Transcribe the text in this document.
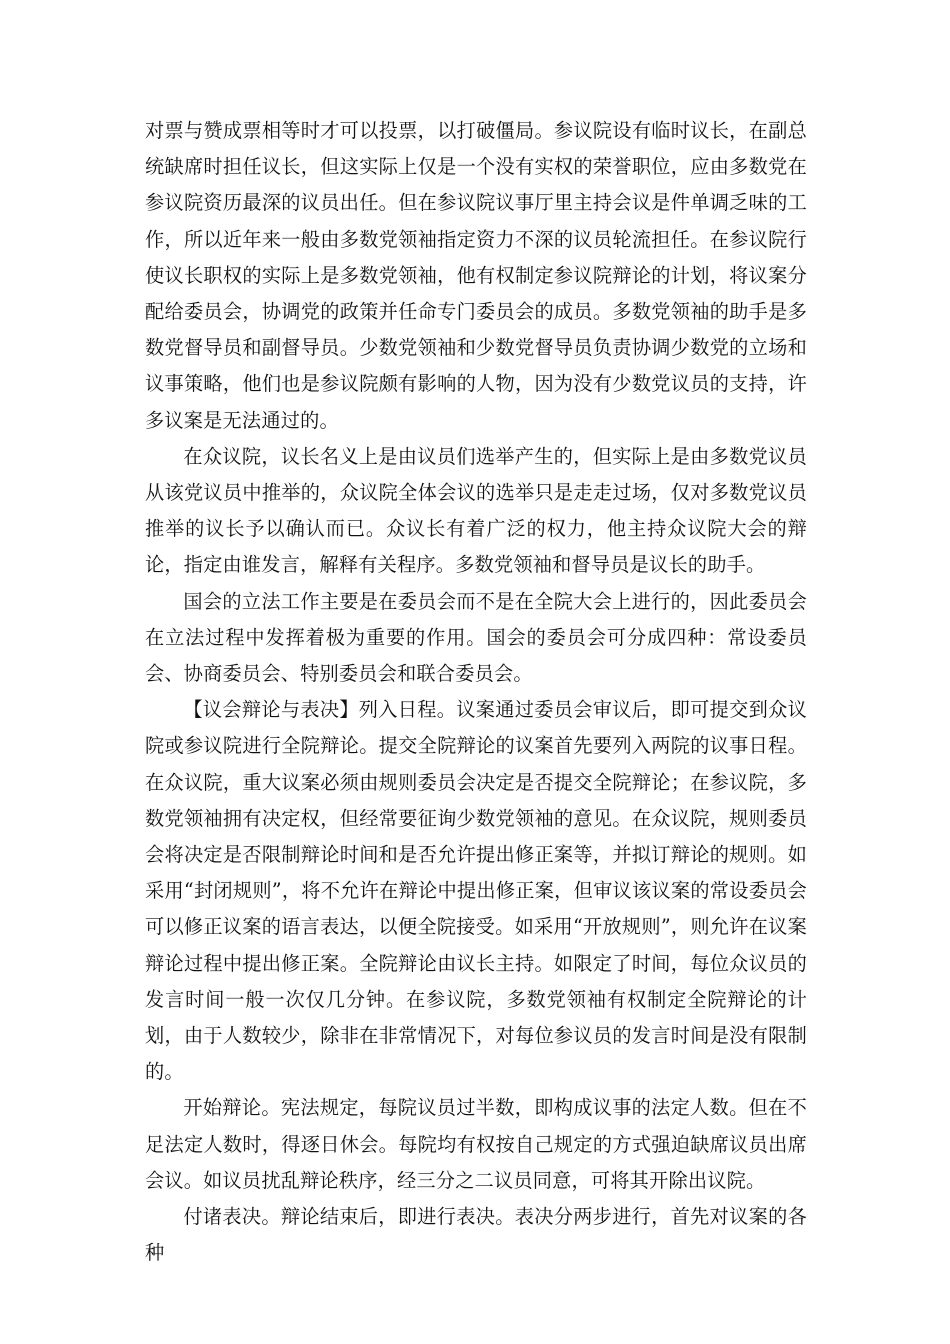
对票与赞成票相等时才可以投票，以打破僵局。参议院设有临时议长，在副总统缺席时担任议长，但这实际上仅是一个没有实权的荣誉职位，应由多数党在参议院资历最深的议员出任。但在参议院议事厅里主持会议是件单调乏味的工作，所以近年来一般由多数党领袖指定资力不深的议员轮流担任。在参议院行使议长职权的实际上是多数党领袖，他有权制定参议院辩论的计划，将议案分配给委员会，协调党的政策并任命专门委员会的成员。多数党领袖的助手是多数党督导员和副督导员。少数党领袖和少数党督导员负责协调少数党的立场和议事策略，他们也是参议院颇有影响的人物，因为没有少数党议员的支持，许多议案是无法通过的。

在众议院，议长名义上是由议员们选举产生的，但实际上是由多数党议员从该党议员中推举的，众议院全体会议的选举只是走走过场，仅对多数党议员推举的议长予以确认而已。众议长有着广泛的权力，他主持众议院大会的辩论，指定由谁发言，解释有关程序。多数党领袖和督导员是议长的助手。

国会的立法工作主要是在委员会而不是在全院大会上进行的，因此委员会在立法过程中发挥着极为重要的作用。国会的委员会可分成四种：常设委员会、协商委员会、特别委员会和联合委员会。

【议会辩论与表决】列入日程。议案通过委员会审议后，即可提交到众议院或参议院进行全院辩论。提交全院辩论的议案首先要列入两院的议事日程。在众议院，重大议案必须由规则委员会决定是否提交全院辩论；在参议院，多数党领袖拥有决定权，但经常要征询少数党领袖的意见。在众议院，规则委员会将决定是否限制辩论时间和是否允许提出修正案等，并拟订辩论的规则。如采用“封闭规则”，将不允许在辩论中提出修正案，但审议该议案的常设委员会可以修正议案的语言表达，以便全院接受。如采用“开放规则”，则允许在议案辩论过程中提出修正案。全院辩论由议长主持。如限定了时间，每位众议员的发言时间一般一次仅几分钟。在参议院，多数党领袖有权制定全院辩论的计划，由于人数较少，除非在非常情况下，对每位参议员的发言时间是没有限制的。

开始辩论。宪法规定，每院议员过半数，即构成议事的法定人数。但在不足法定人数时，得逐日休会。每院均有权按自己规定的方式强迫缺席议员出席会议。如议员扰乱辩论秩序，经三分之二议员同意，可将其开除出议院。

付诸表决。辩论结束后，即进行表决。表决分两步进行，首先对议案的各种
